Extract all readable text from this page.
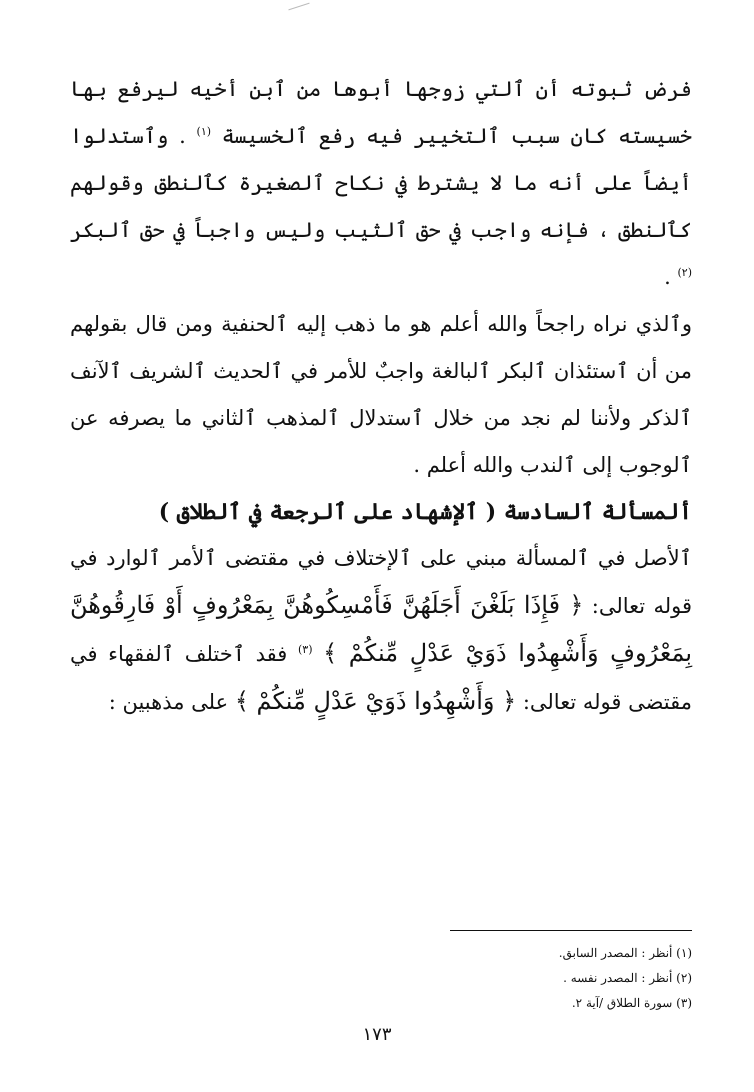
فرض ثبوته أن ٱلتي زوجها أبوها من ٱبن أخيه ليرفع بها خسيسته كان سبب ٱلتخيير فيه رفع ٱلخسيسة $^{(١)}$ . وٱستدلوا أيضاً على أنه ما لا يشترط في نكاح ٱلصغيرة كٱلنطق وقولهم كٱلنطق ، فإنه واجب في حق ٱلثيب وليس واجباً في حق ٱلبكر $^{(٢)}$ .

وٱلذي نراه راجحاً والله أعلم هو ما ذهب إليه ٱلحنفية ومن قال بقولهم من أن ٱستئذان ٱلبكر ٱلبالغة واجبٌ للأمر في ٱلحديث ٱلشريف ٱلآنف ٱلذكر ولأننا لم نجد من خلال ٱستدلال ٱلمذهب ٱلثاني ما يصرفه عن ٱلوجوب إلى ٱلندب والله أعلم .

ألمسألة ٱلسادسة ( ٱلإشهاد على ٱلرجعة في ٱلطلاق )

ٱلأصل في ٱلمسألة مبني على ٱلإختلاف في مقتضى ٱلأمر ٱلوارد في قوله تعالى: ﴿ فَإِذَا بَلَغْنَ أَجَلَهُنَّ فَأَمْسِكُوهُنَّ بِمَعْرُوفٍ أَوْ فَارِقُوهُنَّ بِمَعْرُوفٍ وَأَشْهِدُوا ذَوَيْ عَدْلٍ مِّنكُمْ ﴾ $^{(٣)}$ فقد ٱختلف ٱلفقهاء في مقتضى قوله تعالى: ﴿ وَأَشْهِدُوا ذَوَيْ عَدْلٍ مِّنكُمْ ﴾ على مذهبين :

(١) أنظر : المصدر السابق.

(٢) أنظر : المصدر نفسه .

(٣) سورة الطلاق /آية ٢.

١٧٣
